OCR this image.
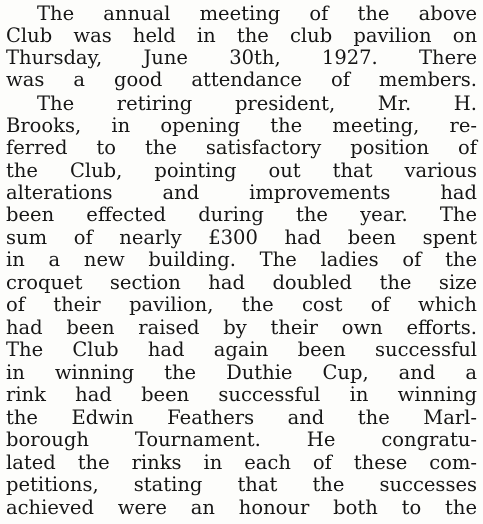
The annual meeting of the above
Club was held in the club pavilion on
Thursday, June 30th, 1927. There
was a good attendance of members.
The retiring president, Mr. H.
Brooks, in opening the meeting, re-
ferred to the satisfactory position of
the Club, pointing out that various
alterations and improvements had
been effected during the year. The
sum of nearly £300 had been spent
in a new building. The ladies of the
croquet section had doubled the size
of their pavilion, the cost of which
had been raised by their own efforts.
The Club had again been successful
in winning the Duthie Cup, and a
rink had been successful in winning
the Edwin Feathers and the Marl-
borough Tournament. He congratu-
lated the rinks in each of these com-
petitions, stating that the successes
achieved were an honour both to the
